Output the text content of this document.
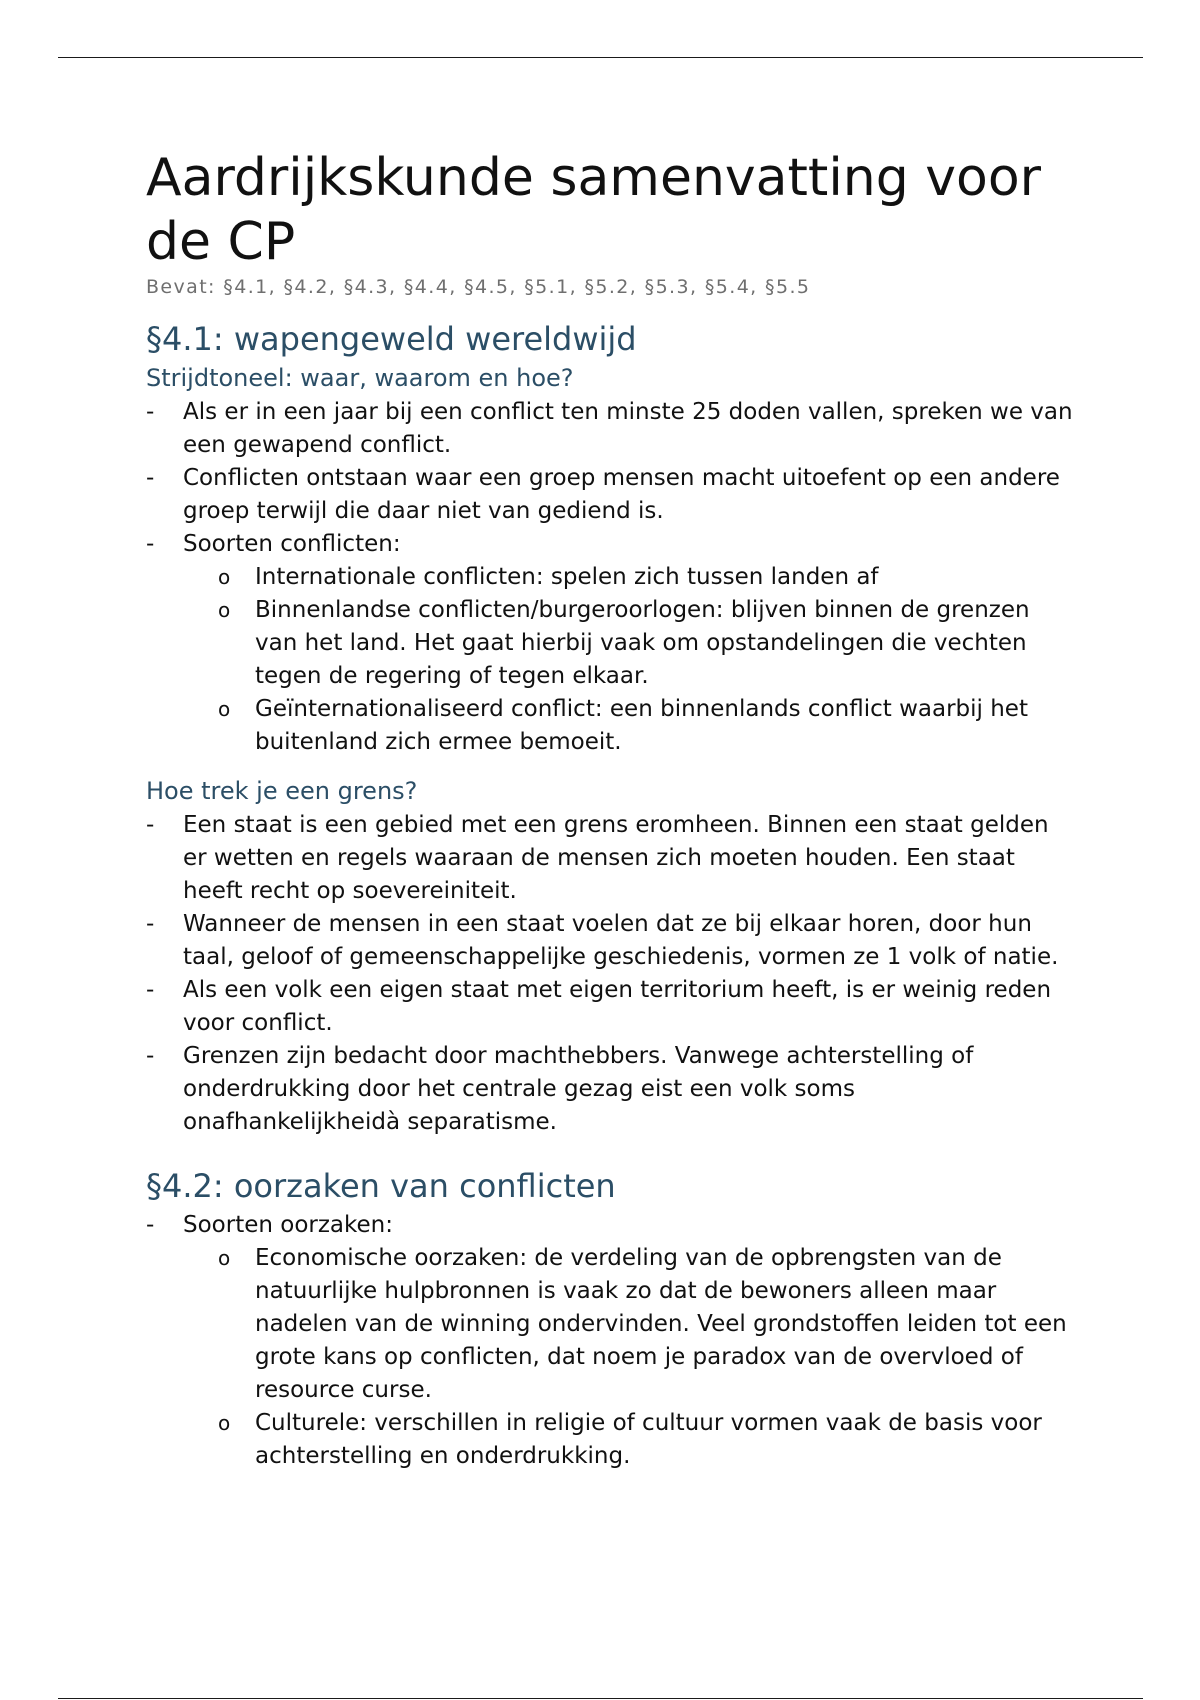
Aardrijkskunde samenvatting voor de CP

Bevat: §4.1, §4.2, §4.3, §4.4, §4.5, §5.1, §5.2, §5.3, §5.4, §5.5

§4.1: wapengeweld wereldwijd
Strijdtoneel: waar, waarom en hoe?
- Als er in een jaar bij een conflict ten minste 25 doden vallen, spreken we van een gewapend conflict.
- Conflicten ontstaan waar een groep mensen macht uitoefent op een andere groep terwijl die daar niet van gediend is.
- Soorten conflicten:
o Internationale conflicten: spelen zich tussen landen af
o Binnenlandse conflicten/burgeroorlogen: blijven binnen de grenzen van het land. Het gaat hierbij vaak om opstandelingen die vechten tegen de regering of tegen elkaar.
o Geïnternationaliseerd conflict: een binnenlands conflict waarbij het buitenland zich ermee bemoeit.
Hoe trek je een grens?
- Een staat is een gebied met een grens eromheen. Binnen een staat gelden er wetten en regels waaraan de mensen zich moeten houden. Een staat heeft recht op soevereiniteit.
- Wanneer de mensen in een staat voelen dat ze bij elkaar horen, door hun taal, geloof of gemeenschappelijke geschiedenis, vormen ze 1 volk of natie.
- Als een volk een eigen staat met eigen territorium heeft, is er weinig reden voor conflict.
- Grenzen zijn bedacht door machthebbers. Vanwege achterstelling of onderdrukking door het centrale gezag eist een volk soms onafhankelijkheidà separatisme.
§4.2: oorzaken van conflicten
- Soorten oorzaken:
o Economische oorzaken: de verdeling van de opbrengsten van de natuurlijke hulpbronnen is vaak zo dat de bewoners alleen maar nadelen van de winning ondervinden. Veel grondstoffen leiden tot een grote kans op conflicten, dat noem je paradox van de overvloed of resource curse.
o Culturele: verschillen in religie of cultuur vormen vaak de basis voor achterstelling en onderdrukking.
